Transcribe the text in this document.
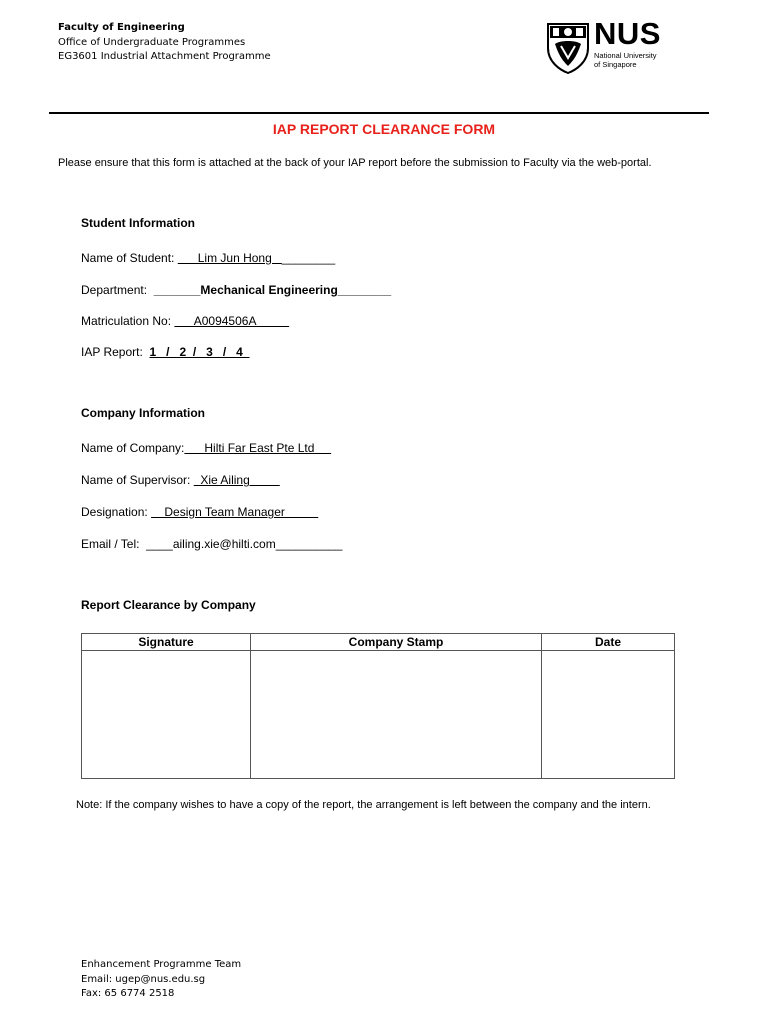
Faculty of Engineering
Office of Undergraduate Programmes
EG3601 Industrial Attachment Programme
NUS
National University
of Singapore
IAP REPORT CLEARANCE FORM
Please ensure that this form is attached at the back of your IAP report before the submission to Faculty via the web-portal.
Student Information
Name of Student:       Lim Jun Hong   ________
Department:  _______Mechanical Engineering________
Matriculation No:       A0094506A
IAP Report:  1   /   2  /   3   /   4
Company Information
Name of Company:      Hilti Far East Pte Ltd
Name of Supervisor:   Xie Ailing
Designation:     Design Team Manager
Email / Tel:  ____ailing.xie@hilti.com__________
Report Clearance by Company
Signature	Company Stamp	Date

Note: If the company wishes to have a copy of the report, the arrangement is left between the company and the intern.
Enhancement Programme Team
Email: ugep@nus.edu.sg
Fax: 65 6774 2518
